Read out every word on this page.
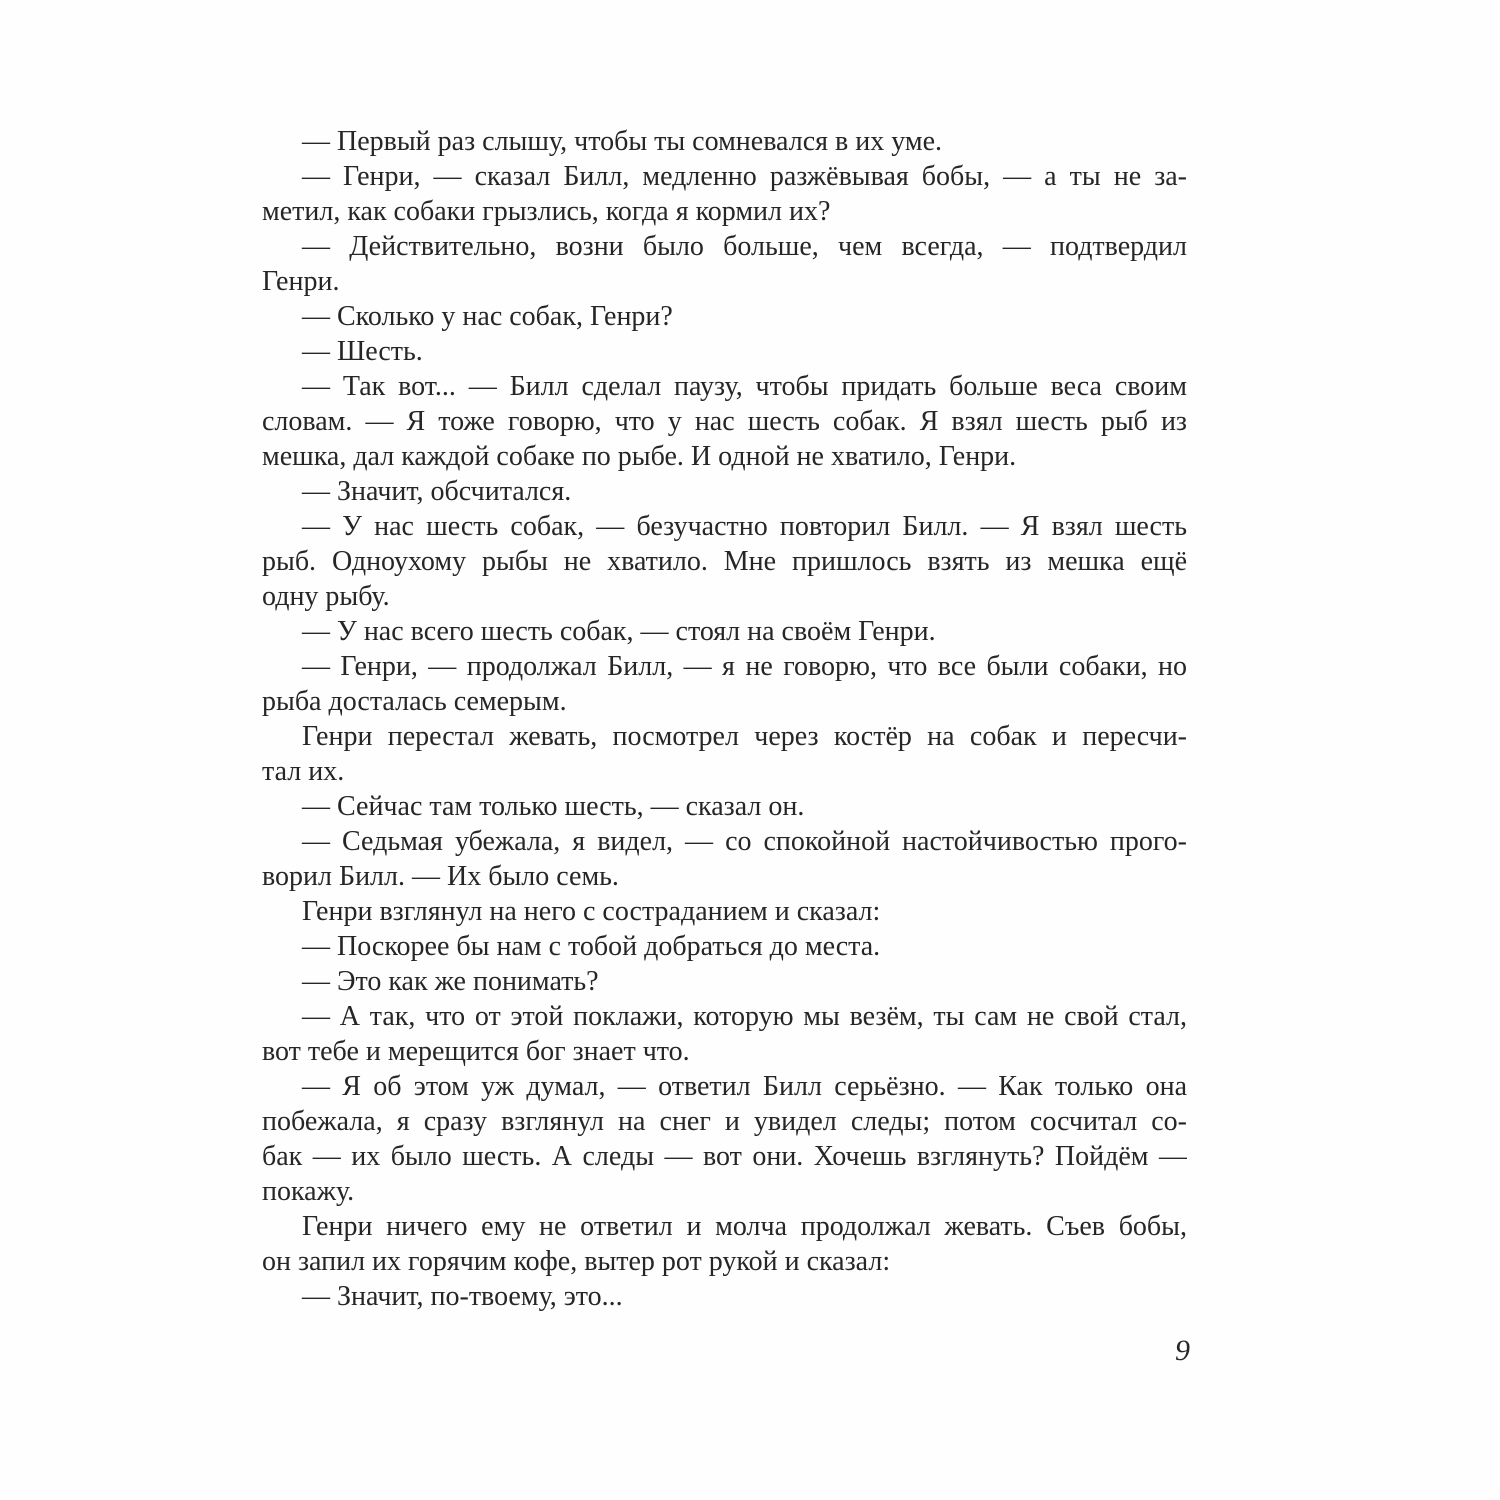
— Первый раз слышу, чтобы ты сомневался в их уме.
— Генри, — сказал Билл, медленно разжёвывая бобы, — а ты не за-
метил, как собаки грызлись, когда я кормил их?
— Действительно, возни было больше, чем всегда, — подтвердил
Генри.
— Сколько у нас собак, Генри?
— Шесть.
— Так вот... — Билл сделал паузу, чтобы придать больше веса своим
словам. — Я тоже говорю, что у нас шесть собак. Я взял шесть рыб из
мешка, дал каждой собаке по рыбе. И одной не хватило, Генри.
— Значит, обсчитался.
— У нас шесть собак, — безучастно повторил Билл. — Я взял шесть
рыб. Одноухому рыбы не хватило. Мне пришлось взять из мешка ещё
одну рыбу.
— У нас всего шесть собак, — стоял на своём Генри.
— Генри, — продолжал Билл, — я не говорю, что все были собаки, но
рыба досталась семерым.
Генри перестал жевать, посмотрел через костёр на собак и пересчи-
тал их.
— Сейчас там только шесть, — сказал он.
— Седьмая убежала, я видел, — со спокойной настойчивостью прого-
ворил Билл. — Их было семь.
Генри взглянул на него с состраданием и сказал:
— Поскорее бы нам с тобой добраться до места.
— Это как же понимать?
— А так, что от этой поклажи, которую мы везём, ты сам не свой стал,
вот тебе и мерещится бог знает что.
— Я об этом уж думал, — ответил Билл серьёзно. — Как только она
побежала, я сразу взглянул на снег и увидел следы; потом сосчитал со-
бак — их было шесть. А следы — вот они. Хочешь взглянуть? Пойдём —
покажу.
Генри ничего ему не ответил и молча продолжал жевать. Съев бобы,
он запил их горячим кофе, вытер рот рукой и сказал:
— Значит, по-твоему, это...
9
